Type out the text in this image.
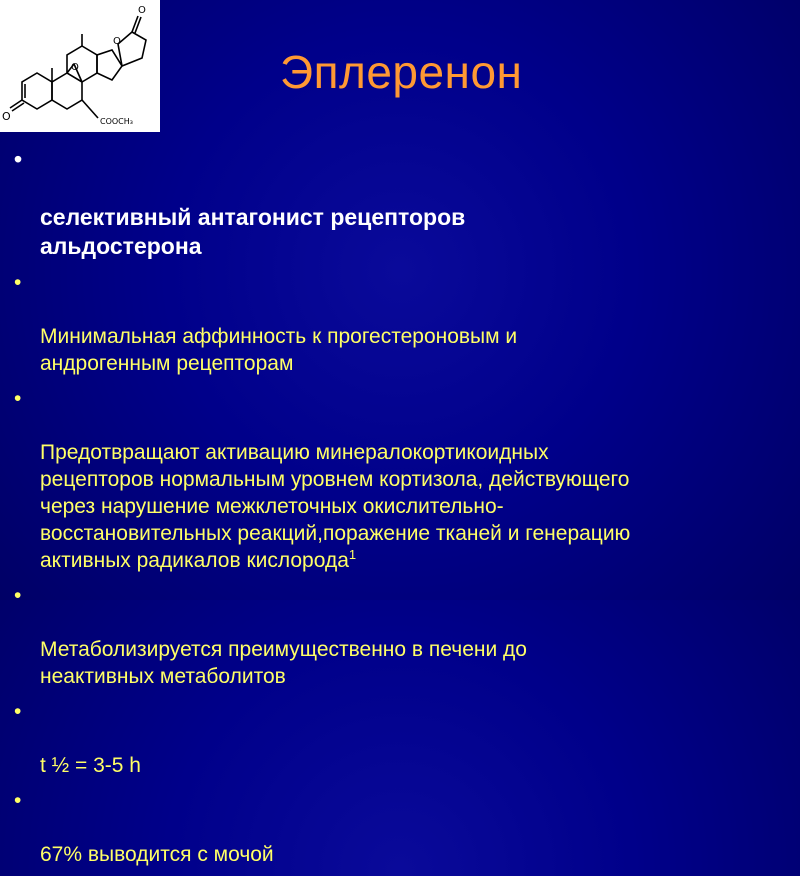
O
O
O
O
COOCH₃
Эплеренон

•

селективный антагонист рецепторов
альдостерона

•

Минимальная аффинность к прогестероновым и
андрогенным рецепторам

•

Предотвращают активацию минералокортикоидных
рецепторов нормальным уровнем кортизола, действующего
через нарушение межклеточных окислительно-
восстановительных реакций,поражение тканей и генерацию
активных радикалов кислорода$^1$

•

Метаболизируется преимущественно в печени до
неактивных метаболитов

•

t ½ = 3-5 h

•

67% выводится с мочой
